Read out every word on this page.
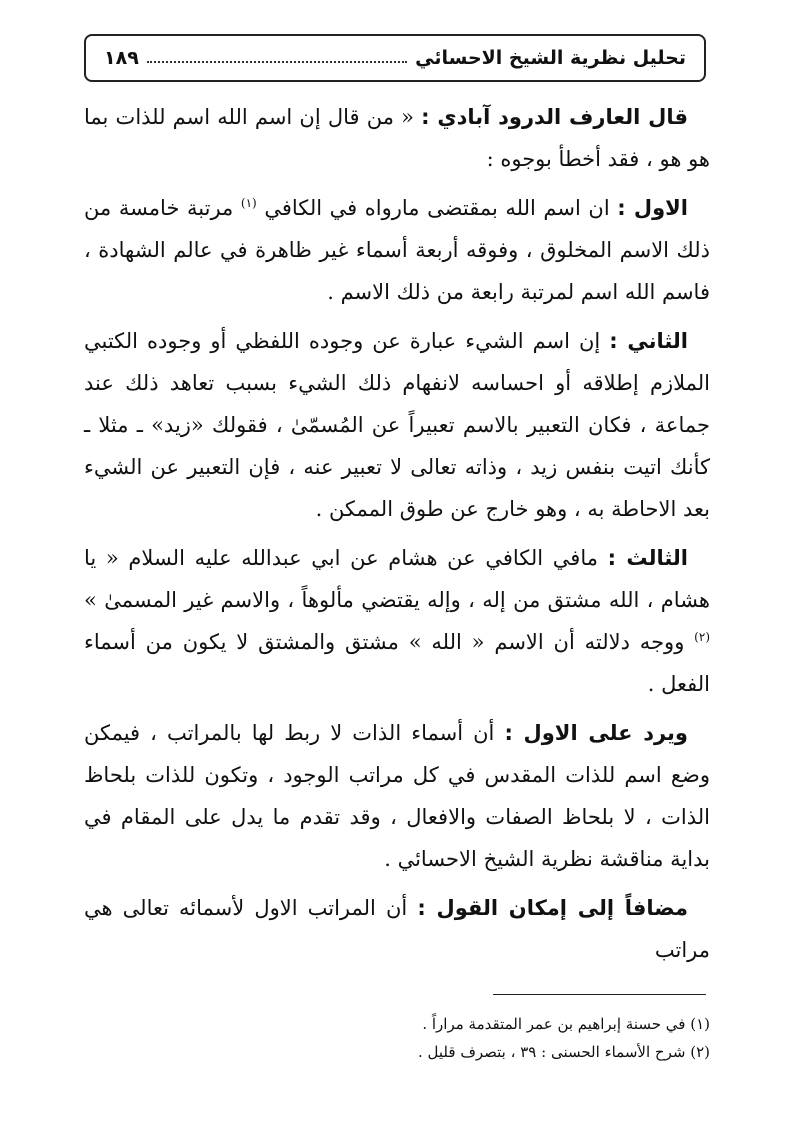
تحليل نظرية الشيخ الاحسائي
١٨٩

قال العارف الدرود آبادي : « من قال إن اسم الله اسم للذات بما هو هو ، فقد أخطأ بوجوه :

الاول : ان اسم الله بمقتضى مارواه في الكافي $^{(١)}$ مرتبة خامسة من ذلك الاسم المخلوق ، وفوقه أربعة أسماء غير ظاهرة في عالم الشهادة ، فاسم الله اسم لمرتبة رابعة من ذلك الاسم .

الثاني : إن اسم الشيء عبارة عن وجوده اللفظي أو وجوده الكتبي الملازم إطلاقه أو احساسه لانفهام ذلك الشيء بسبب تعاهد ذلك عند جماعة ، فكان التعبير بالاسم تعبيراً عن المُسمّىٰ ، فقولك «زيد» ـ مثلا ـ كأنك اتيت بنفس زيد ، وذاته تعالى لا تعبير عنه ، فإن التعبير عن الشيء بعد الاحاطة به ، وهو خارج عن طوق الممكن .

الثالث : مافي الكافي عن هشام عن ابي عبدالله عليه السلام « يا هشام ، الله مشتق من إله ، وإله يقتضي مألوهاً ، والاسم غير المسمىٰ » $^{(٢)}$ ووجه دلالته أن الاسم « الله » مشتق والمشتق لا يكون من أسماء الفعل .

ويرد على الاول : أن أسماء الذات لا ربط لها بالمراتب ، فيمكن وضع اسم للذات المقدس في كل مراتب الوجود ، وتكون للذات بلحاظ الذات ، لا بلحاظ الصفات والافعال ، وقد تقدم ما يدل على المقام في بداية مناقشة نظرية الشيخ الاحسائي .

مضافاً إلى إمكان القول : أن المراتب الاول لأسمائه تعالى هي مراتب

(١) في حسنة إبراهيم بن عمر المتقدمة مراراً .
(٢) شرح الأسماء الحسنى : ٣٩ ، بتصرف قليل .
